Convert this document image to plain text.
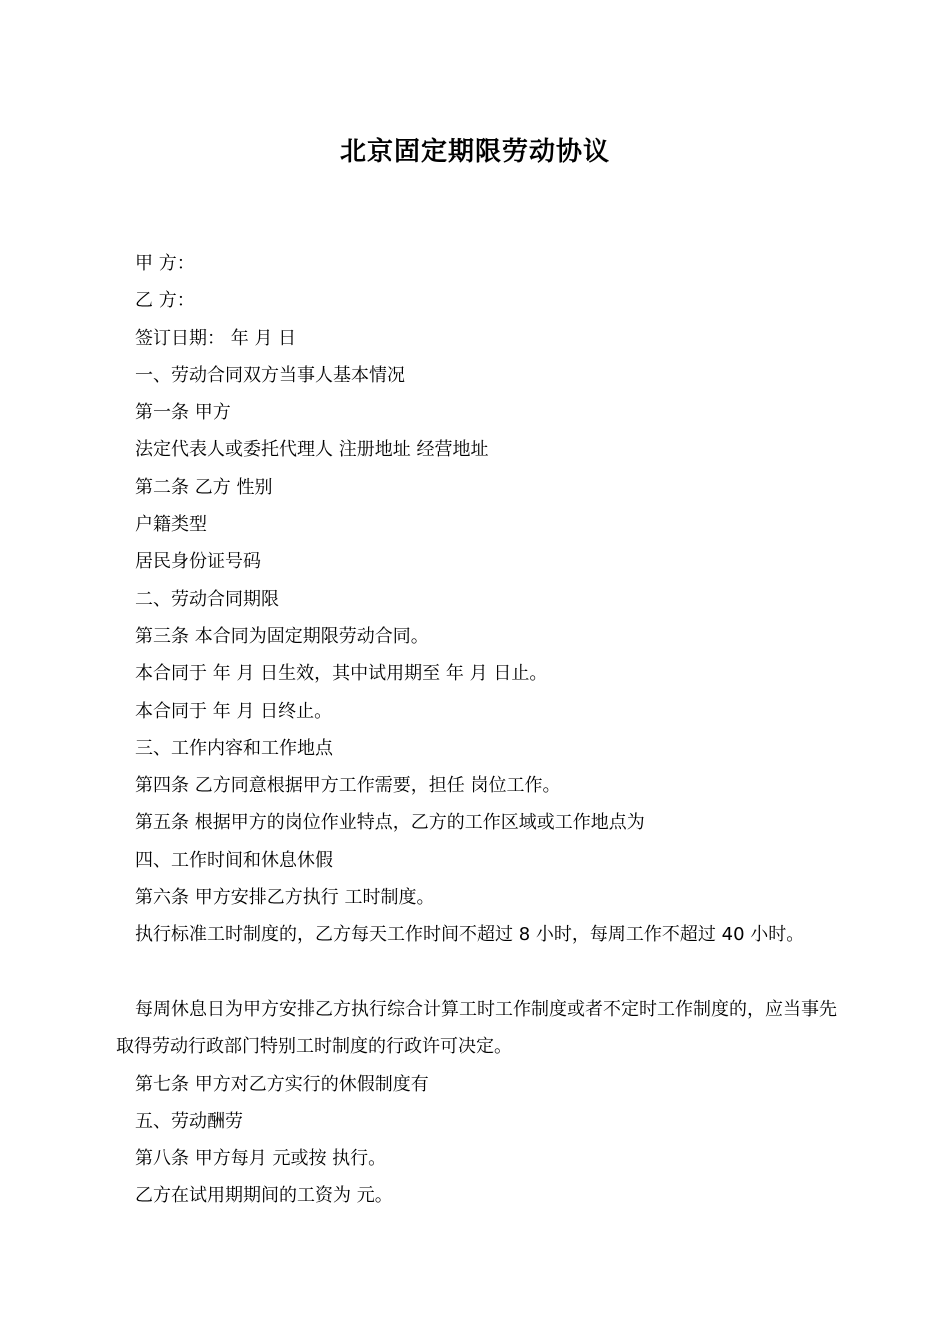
北京固定期限劳动协议
甲 方：
乙 方：
签订日期： 年 月 日
一、劳动合同双方当事人基本情况
第一条 甲方
法定代表人或委托代理人 注册地址 经营地址
第二条 乙方 性别
户籍类型
居民身份证号码
二、劳动合同期限
第三条 本合同为固定期限劳动合同。
本合同于 年 月 日生效，其中试用期至 年 月 日止。
本合同于 年 月 日终止。
三、工作内容和工作地点
第四条 乙方同意根据甲方工作需要，担任 岗位工作。
第五条 根据甲方的岗位作业特点，乙方的工作区域或工作地点为
四、工作时间和休息休假
第六条 甲方安排乙方执行 工时制度。
执行标准工时制度的，乙方每天工作时间不超过 8 小时，每周工作不超过 40 小时。
每周休息日为甲方安排乙方执行综合计算工时工作制度或者不定时工作制度的，应当事先取得劳动行政部门特别工时制度的行政许可决定。
第七条 甲方对乙方实行的休假制度有
五、劳动酬劳
第八条 甲方每月 元或按 执行。
乙方在试用期期间的工资为 元。
